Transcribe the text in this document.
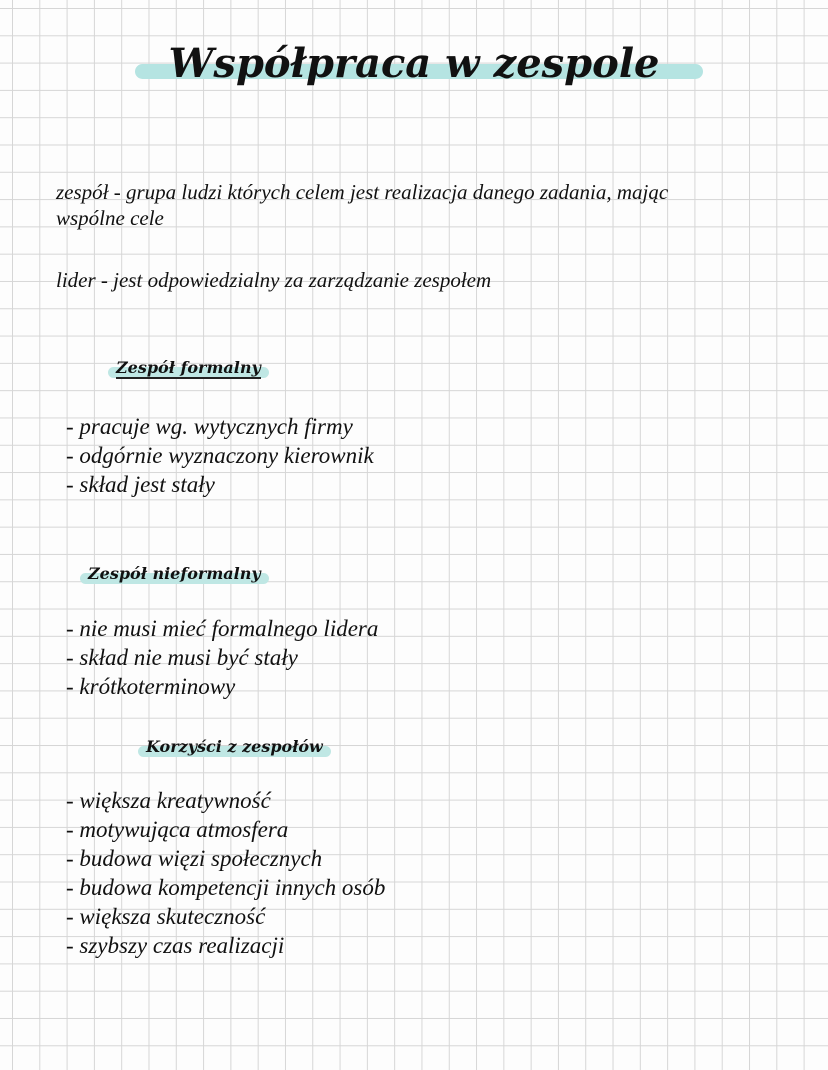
Współpraca w zespole
zespół - grupa ludzi których celem jest realizacja danego zadania, mając
wspólne cele
lider - jest odpowiedzialny za zarządzanie zespołem
Zespół formalny
- pracuje wg. wytycznych firmy
- odgórnie wyznaczony kierownik
- skład jest stały
Zespół nieformalny
- nie musi mieć formalnego lidera
- skład nie musi być stały
- krótkoterminowy
Korzyści z zespołów
- większa kreatywność
- motywująca atmosfera
- budowa więzi społecznych
- budowa kompetencji innych osób
- większa skuteczność
- szybszy czas realizacji
